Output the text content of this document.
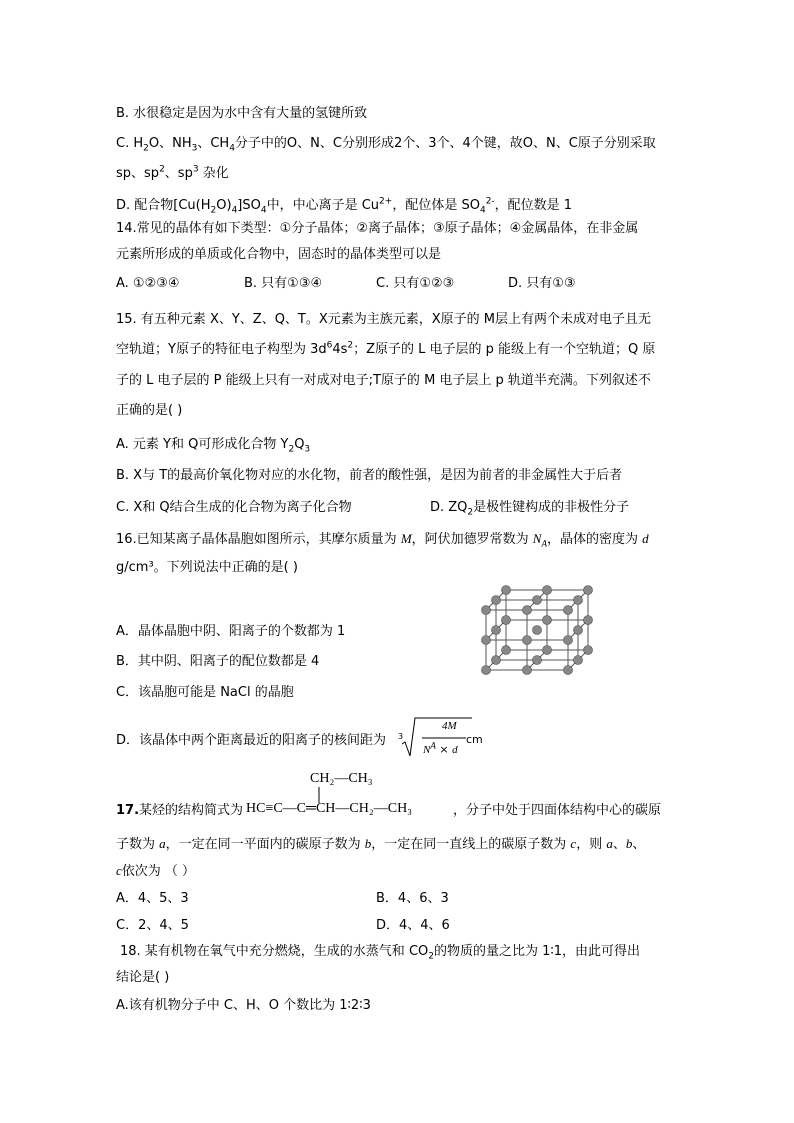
B. 水很稳定是因为水中含有大量的氢键所致
C. $H_2O$、$NH_3$、$CH_4$分子中的O、N、C分别形成2个、3个、4个键，故O、N、C原子分别采取
sp、$sp^2$、$sp^3$ 杂化
D. 配合物$[Cu(H_2O)_4]SO_4$中，中心离子是 $Cu^{2+}$，配位体是 $SO_4^{2-}$，配位数是 1
14.常见的晶体有如下类型：①分子晶体；②离子晶体；③原子晶体；④金属晶体，在非金属
元素所形成的单质或化合物中，固态时的晶体类型可以是
A. ①②③④	B. 只有①③④	C. 只有①②③	D. 只有①③
15. 有五种元素 X、Y、Z、Q、T。X元素为主族元素，X原子的 M层上有两个未成对电子且无
空轨道；Y原子的特征电子构型为 $3d^64s^2$；Z原子的 L 电子层的 p 能级上有一个空轨道；Q 原
子的 L 电子层的 P 能级上只有一对成对电子;T原子的 M 电子层上 p 轨道半充满。下列叙述不
正确的是( )
A. 元素 Y和 Q可形成化合物 $Y_2Q_3$
B. X与 T的最高价氧化物对应的水化物，前者的酸性强，是因为前者的非金属性大于后者
C. X和 Q结合生成的化合物为离子化合物	D. $ZQ_2$是极性键构成的非极性分子
16.已知某离子晶体晶胞如图所示，其摩尔质量为 M，阿伏加德罗常数为 $N_A$，晶体的密度为 d
g/cm³。下列说法中正确的是( )
A．晶体晶胞中阴、阳离子的个数都为 1
B．其中阴、阳离子的配位数都是 4
C．该晶胞可能是 NaCl 的晶胞
D．该晶体中两个距离最近的阳离子的核间距为 3
4M
$N^A \times d$
cm
CH₂—CH₃
17.某烃的结构简式为 HC≡C—C═CH—CH₂—CH₃	，分子中处于四面体结构中心的碳原
子数为 a，一定在同一平面内的碳原子数为 b，一定在同一直线上的碳原子数为 c，则 a、b、
c依次为 （ ）
A．4、5、3	B．4、6、3
C．2、4、5	D．4、4、6
18. 某有机物在氧气中充分燃烧，生成的水蒸气和 $CO_2$的物质的量之比为 1∶1，由此可得出
结论是( )
A.该有机物分子中 C、H、O 个数比为 1∶2∶3
